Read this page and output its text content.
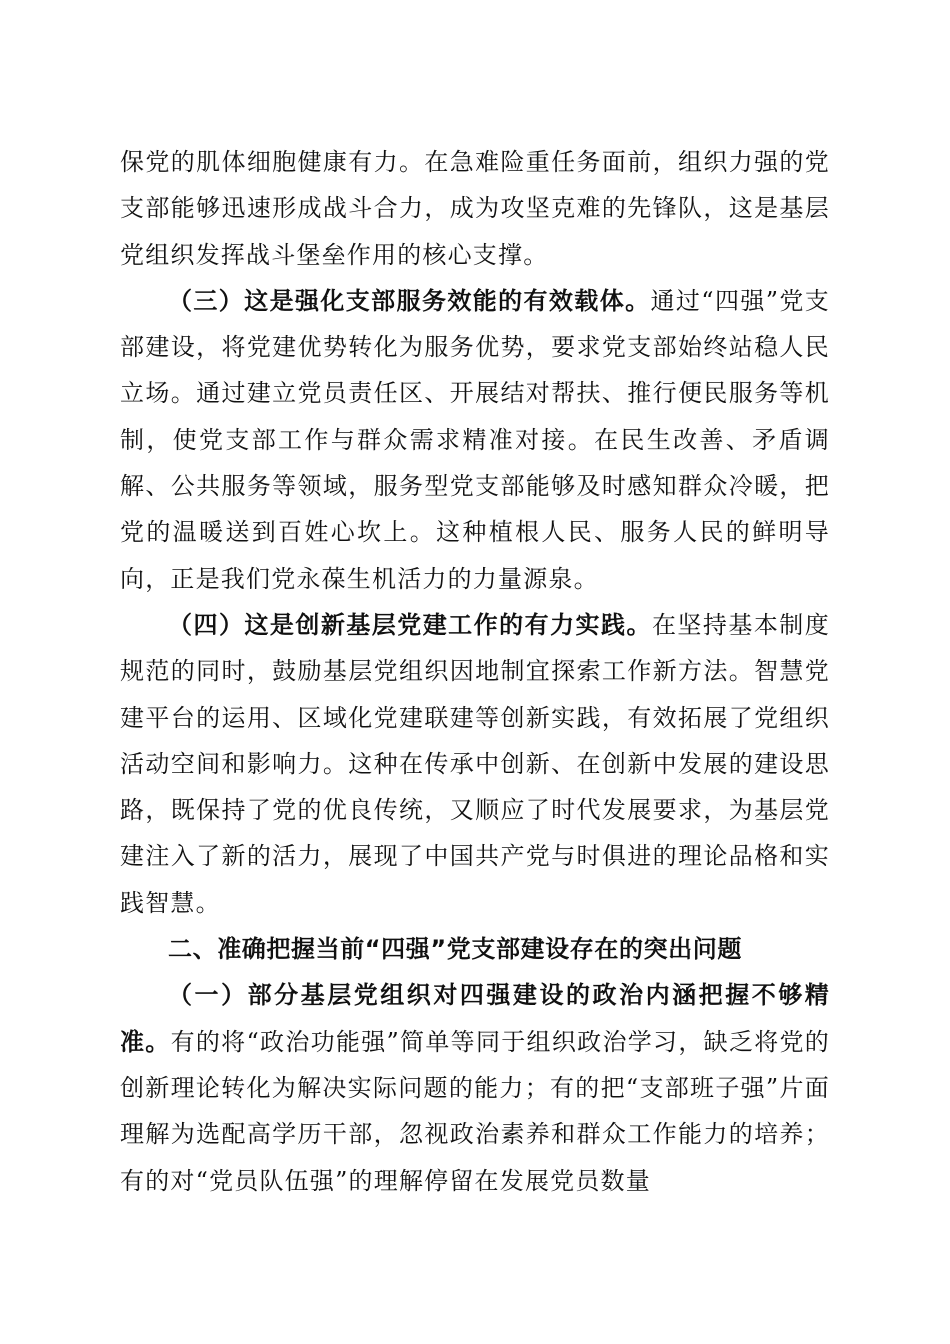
保党的肌体细胞健康有力。在急难险重任务面前，组织力强的党支部能够迅速形成战斗合力，成为攻坚克难的先锋队，这是基层党组织发挥战斗堡垒作用的核心支撑。

（三）这是强化支部服务效能的有效载体。通过“四强”党支部建设，将党建优势转化为服务优势，要求党支部始终站稳人民立场。通过建立党员责任区、开展结对帮扶、推行便民服务等机制，使党支部工作与群众需求精准对接。在民生改善、矛盾调解、公共服务等领域，服务型党支部能够及时感知群众冷暖，把党的温暖送到百姓心坎上。这种植根人民、服务人民的鲜明导向，正是我们党永葆生机活力的力量源泉。

（四）这是创新基层党建工作的有力实践。在坚持基本制度规范的同时，鼓励基层党组织因地制宜探索工作新方法。智慧党建平台的运用、区域化党建联建等创新实践，有效拓展了党组织活动空间和影响力。这种在传承中创新、在创新中发展的建设思路，既保持了党的优良传统，又顺应了时代发展要求，为基层党建注入了新的活力，展现了中国共产党与时俱进的理论品格和实践智慧。

二、准确把握当前“四强”党支部建设存在的突出问题

（一）部分基层党组织对四强建设的政治内涵把握不够精准。有的将“政治功能强”简单等同于组织政治学习，缺乏将党的创新理论转化为解决实际问题的能力；有的把“支部班子强”片面理解为选配高学历干部，忽视政治素养和群众工作能力的培养；有的对“党员队伍强”的理解停留在发展党员数量
